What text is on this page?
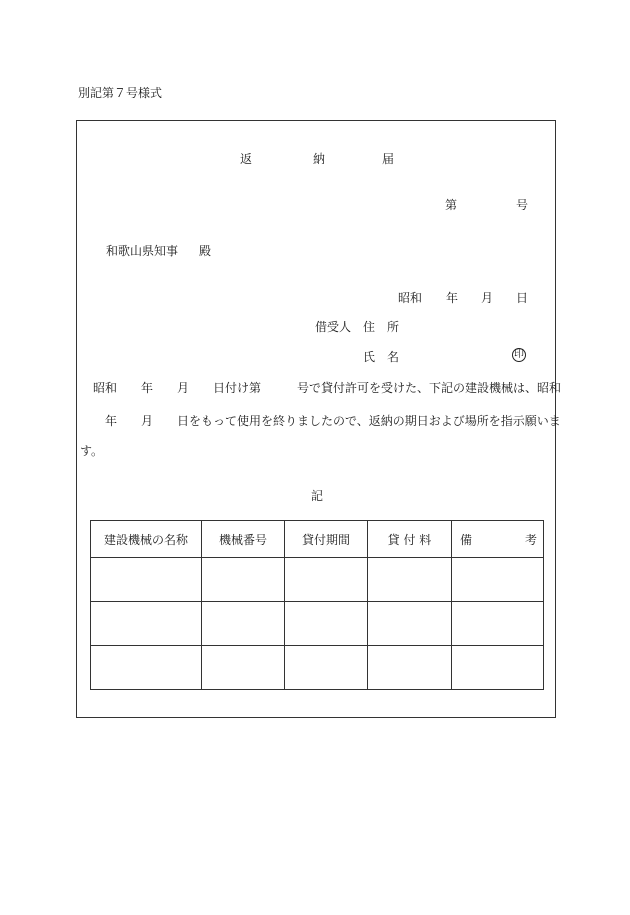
別記第７号様式
返	納	届
第	号
和歌山県知事 殿
昭和 年 月 日
借受人 住　所
氏　名	印
昭和　　年　　月　　日付け第　　　号で貸付許可を受けた、下記の建設機械は、昭和
　年　　月　　日をもって使用を終りましたので、返納の期日および場所を指示願いま
す。
記
建設機械の名称	機械番号	貸付期間	貸 付 料	備 考
